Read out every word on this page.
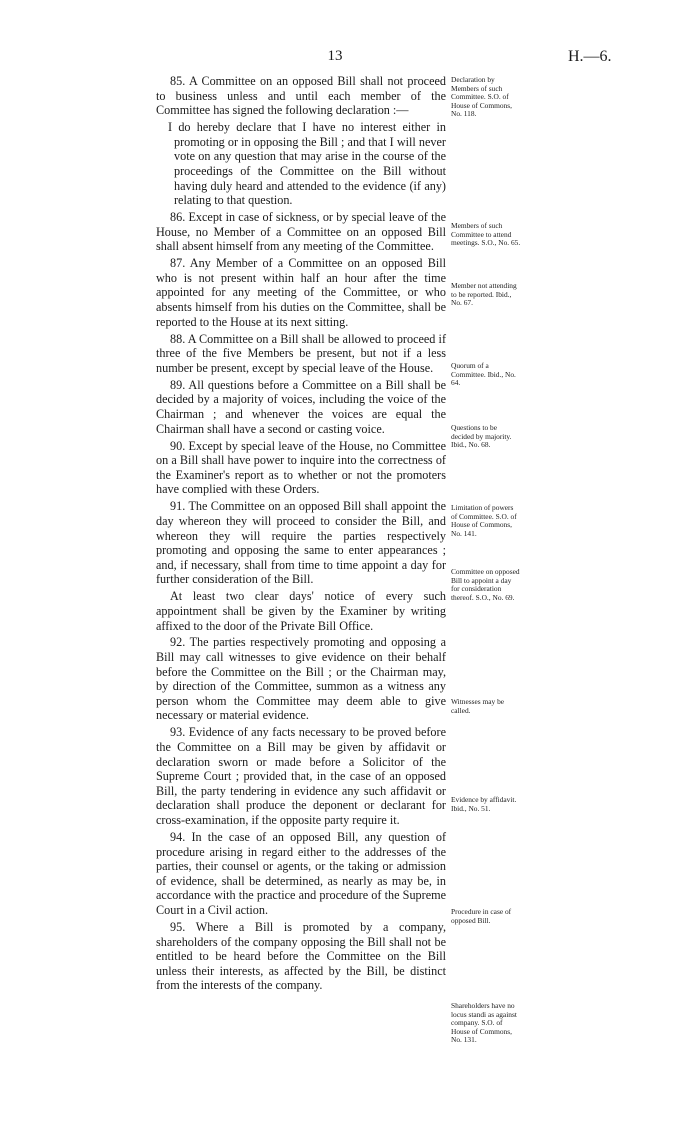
13	H.—6.

85. A Committee on an opposed Bill shall not proceed to business unless and until each member of the Committee has signed the following declaration :—

I do hereby declare that I have no interest either in promoting or in opposing the Bill ; and that I will never vote on any question that may arise in the course of the proceedings of the Committee on the Bill without having duly heard and attended to the evidence (if any) relating to that question.

86. Except in case of sickness, or by special leave of the House, no Member of a Committee on an opposed Bill shall absent himself from any meeting of the Committee.

87. Any Member of a Committee on an opposed Bill who is not present within half an hour after the time appointed for any meeting of the Committee, or who absents himself from his duties on the Committee, shall be reported to the House at its next sitting.

88. A Committee on a Bill shall be allowed to proceed if three of the five Members be present, but not if a less number be present, except by special leave of the House.

89. All questions before a Committee on a Bill shall be decided by a majority of voices, including the voice of the Chairman ; and whenever the voices are equal the Chairman shall have a second or casting voice.

90. Except by special leave of the House, no Committee on a Bill shall have power to inquire into the correctness of the Examiner's report as to whether or not the promoters have complied with these Orders.

91. The Committee on an opposed Bill shall appoint the day whereon they will proceed to consider the Bill, and whereon they will require the parties respectively promoting and opposing the same to enter appearances ; and, if necessary, shall from time to time appoint a day for further consideration of the Bill.

At least two clear days' notice of every such appointment shall be given by the Examiner by writing affixed to the door of the Private Bill Office.

92. The parties respectively promoting and opposing a Bill may call witnesses to give evidence on their behalf before the Committee on the Bill ; or the Chairman may, by direction of the Committee, summon as a witness any person whom the Committee may deem able to give necessary or material evidence.

93. Evidence of any facts necessary to be proved before the Committee on a Bill may be given by affidavit or declaration sworn or made before a Solicitor of the Supreme Court ; provided that, in the case of an opposed Bill, the party tendering in evidence any such affidavit or declaration shall produce the deponent or declarant for cross-examination, if the opposite party require it.

94. In the case of an opposed Bill, any question of procedure arising in regard either to the addresses of the parties, their counsel or agents, or the taking or admission of evidence, shall be determined, as nearly as may be, in accordance with the practice and procedure of the Supreme Court in a Civil action.

95. Where a Bill is promoted by a company, shareholders of the company opposing the Bill shall not be entitled to be heard before the Committee on the Bill unless their interests, as affected by the Bill, be distinct from the interests of the company.

Declaration by Members of such Committee. S.O. of House of Commons, No. 118.
Members of such Committee to attend meetings. S.O., No. 65.
Member not attending to be reported. Ibid., No. 67.
Quorum of a Committee. Ibid., No. 64.
Questions to be decided by majority. Ibid., No. 68.
Limitation of powers of Committee. S.O. of House of Commons, No. 141.
Committee on opposed Bill to appoint a day for consideration thereof. S.O., No. 69.
Witnesses may be called.
Evidence by affidavit. Ibid., No. 51.
Procedure in case of opposed Bill.
Shareholders have no locus standi as against company. S.O. of House of Commons, No. 131.
